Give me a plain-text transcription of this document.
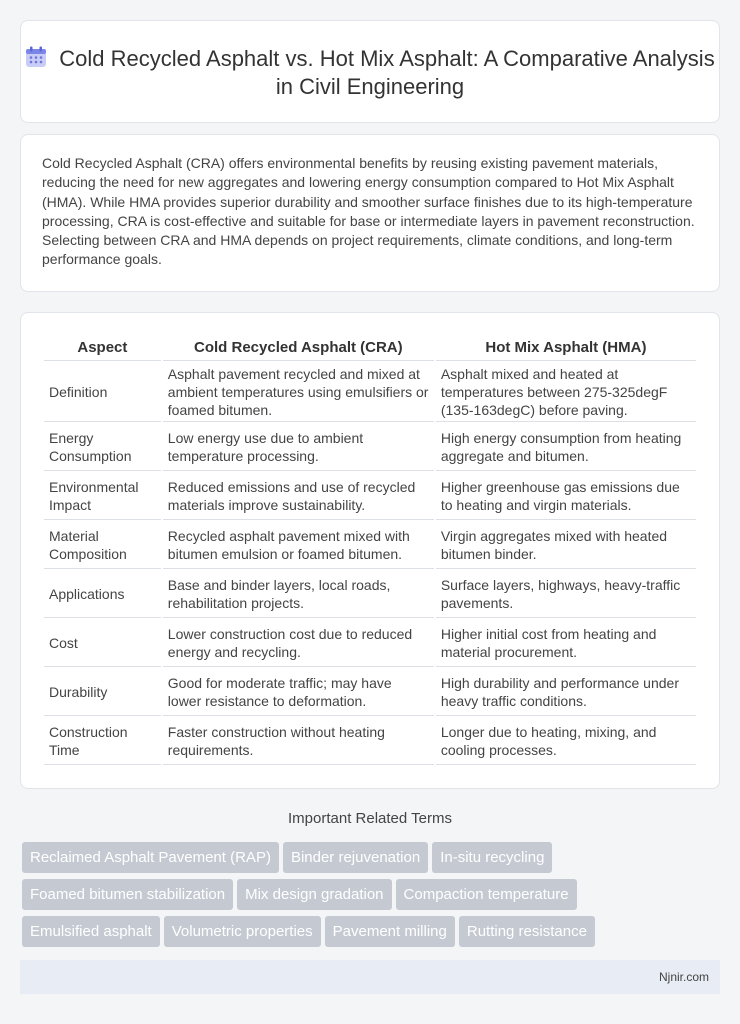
Cold Recycled Asphalt vs. Hot Mix Asphalt: A Comparative Analysis in Civil Engineering

Cold Recycled Asphalt (CRA) offers environmental benefits by reusing existing pavement materials, reducing the need for new aggregates and lowering energy consumption compared to Hot Mix Asphalt (HMA). While HMA provides superior durability and smoother surface finishes due to its high-temperature processing, CRA is cost-effective and suitable for base or intermediate layers in pavement reconstruction. Selecting between CRA and HMA depends on project requirements, climate conditions, and long-term performance goals.

Aspect	Cold Recycled Asphalt (CRA)	Hot Mix Asphalt (HMA)
Definition	Asphalt pavement recycled and mixed at ambient temperatures using emulsifiers or foamed bitumen.	Asphalt mixed and heated at temperatures between 275-325degF (135-163degC) before paving.
Energy Consumption	Low energy use due to ambient temperature processing.	High energy consumption from heating aggregate and bitumen.
Environmental Impact	Reduced emissions and use of recycled materials improve sustainability.	Higher greenhouse gas emissions due to heating and virgin materials.
Material Composition	Recycled asphalt pavement mixed with bitumen emulsion or foamed bitumen.	Virgin aggregates mixed with heated bitumen binder.
Applications	Base and binder layers, local roads, rehabilitation projects.	Surface layers, highways, heavy-traffic pavements.
Cost	Lower construction cost due to reduced energy and recycling.	Higher initial cost from heating and material procurement.
Durability	Good for moderate traffic; may have lower resistance to deformation.	High durability and performance under heavy traffic conditions.
Construction Time	Faster construction without heating requirements.	Longer due to heating, mixing, and cooling processes.
Important Related Terms
Reclaimed Asphalt Pavement (RAP) Binder rejuvenation In-situ recycling
Foamed bitumen stabilization Mix design gradation Compaction temperature
Emulsified asphalt Volumetric properties Pavement milling Rutting resistance
Njnir.com
